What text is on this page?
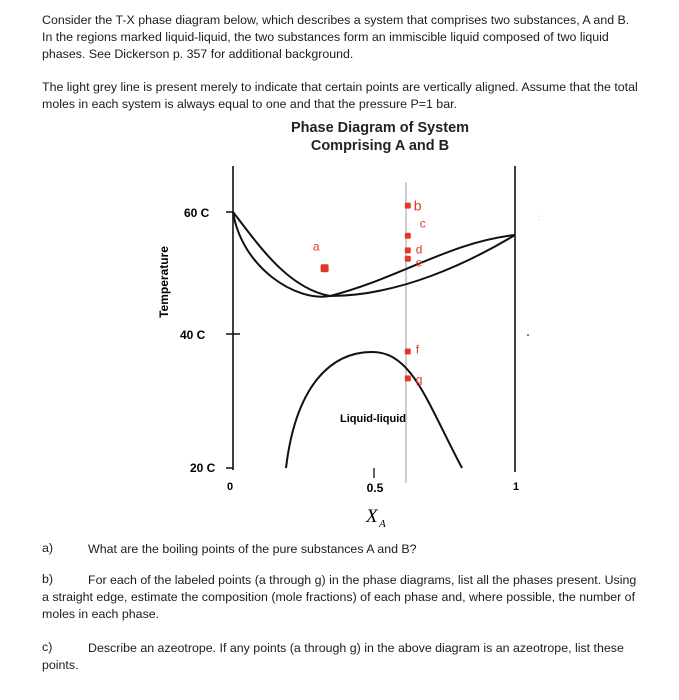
Consider the T-X phase diagram below, which describes a system that comprises two substances, A and B. In the regions marked liquid-liquid, the two substances form an immiscible liquid composed of two liquid phases. See Dickerson p. 357 for additional background.

The light grey line is present merely to indicate that certain points are vertically aligned. Assume that the total moles in each system is always equal to one and that the pressure P=1 bar.

Phase Diagram of System
Comprising A and B
:
a
b
c
d
e
f
g
60 C
40 C
20 C
0	0.5	1
Temperature
X A
Liquid-liquid
a)	What are the boiling points of the pure substances A and B?

b)	For each of the labeled points (a through g) in the phase diagrams, list all the phases present. Using a straight edge, estimate the composition (mole fractions) of each phase and, where possible, the number of moles in each phase.

c)	Describe an azeotrope. If any points (a through g) in the above diagram is an azeotrope, list these points.
